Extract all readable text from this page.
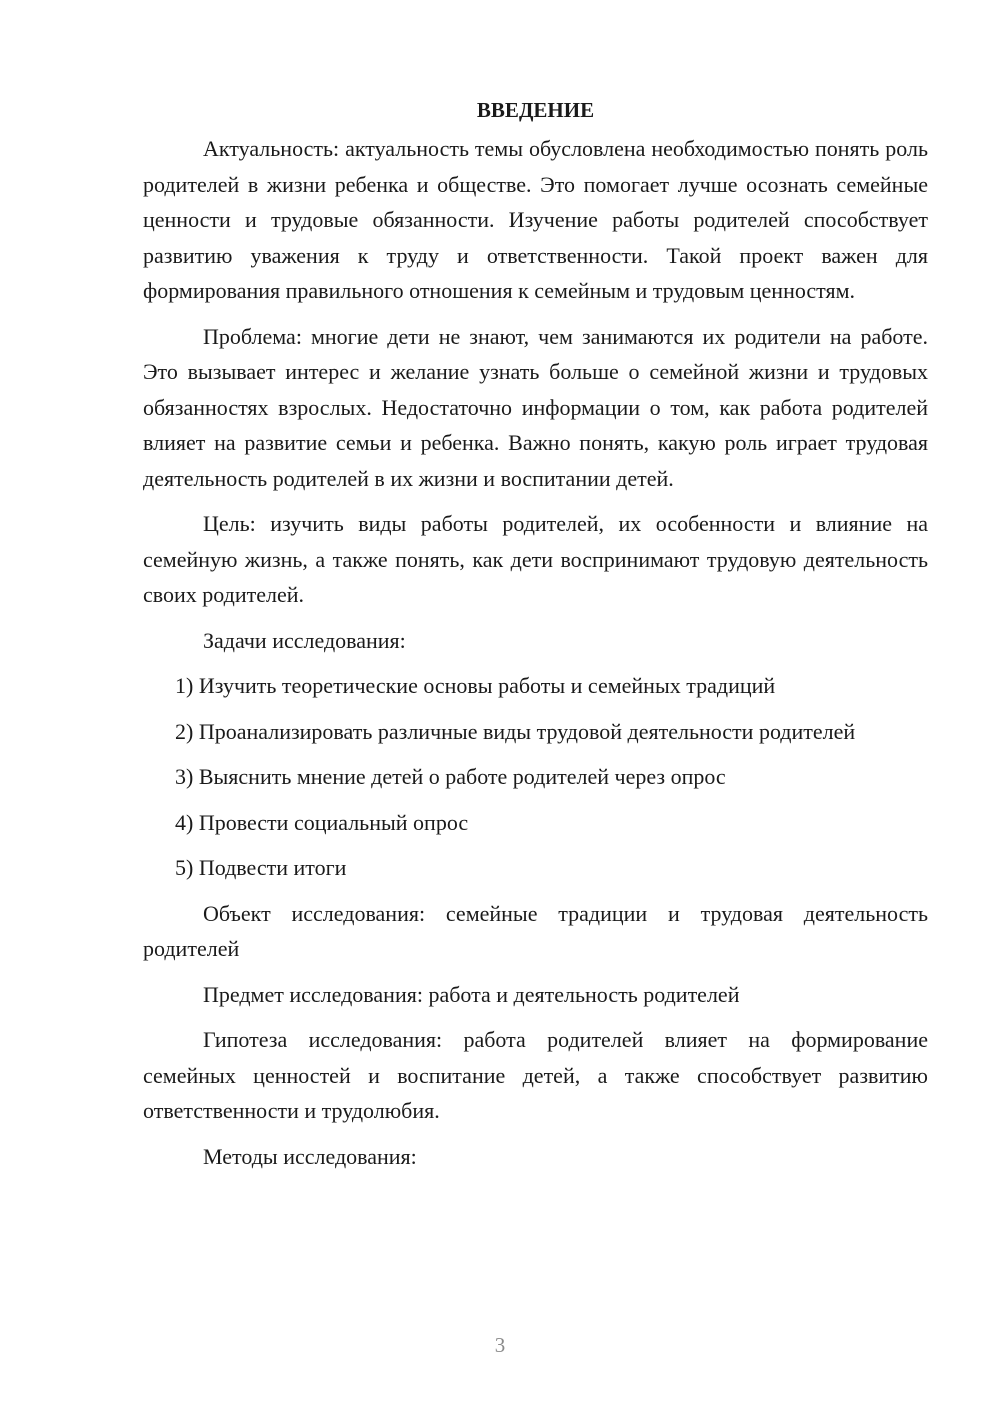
ВВЕДЕНИЕ

Актуальность: актуальность темы обусловлена необходимостью понять роль родителей в жизни ребенка и обществе. Это помогает лучше осознать семейные ценности и трудовые обязанности. Изучение работы родителей способствует развитию уважения к труду и ответственности. Такой проект важен для формирования правильного отношения к семейным и трудовым ценностям.

Проблема: многие дети не знают, чем занимаются их родители на работе. Это вызывает интерес и желание узнать больше о семейной жизни и трудовых обязанностях взрослых. Недостаточно информации о том, как работа родителей влияет на развитие семьи и ребенка. Важно понять, какую роль играет трудовая деятельность родителей в их жизни и воспитании детей.

Цель: изучить виды работы родителей, их особенности и влияние на семейную жизнь, а также понять, как дети воспринимают трудовую деятельность своих родителей.

Задачи исследования:

1) Изучить теоретические основы работы и семейных традиций

2) Проанализировать различные виды трудовой деятельности родителей

3) Выяснить мнение детей о работе родителей через опрос

4) Провести социальный опрос

5) Подвести итоги

Объект исследования: семейные традиции и трудовая деятельность родителей

Предмет исследования: работа и деятельность родителей

Гипотеза исследования: работа родителей влияет на формирование семейных ценностей и воспитание детей, а также способствует развитию ответственности и трудолюбия.

Методы исследования:

3
